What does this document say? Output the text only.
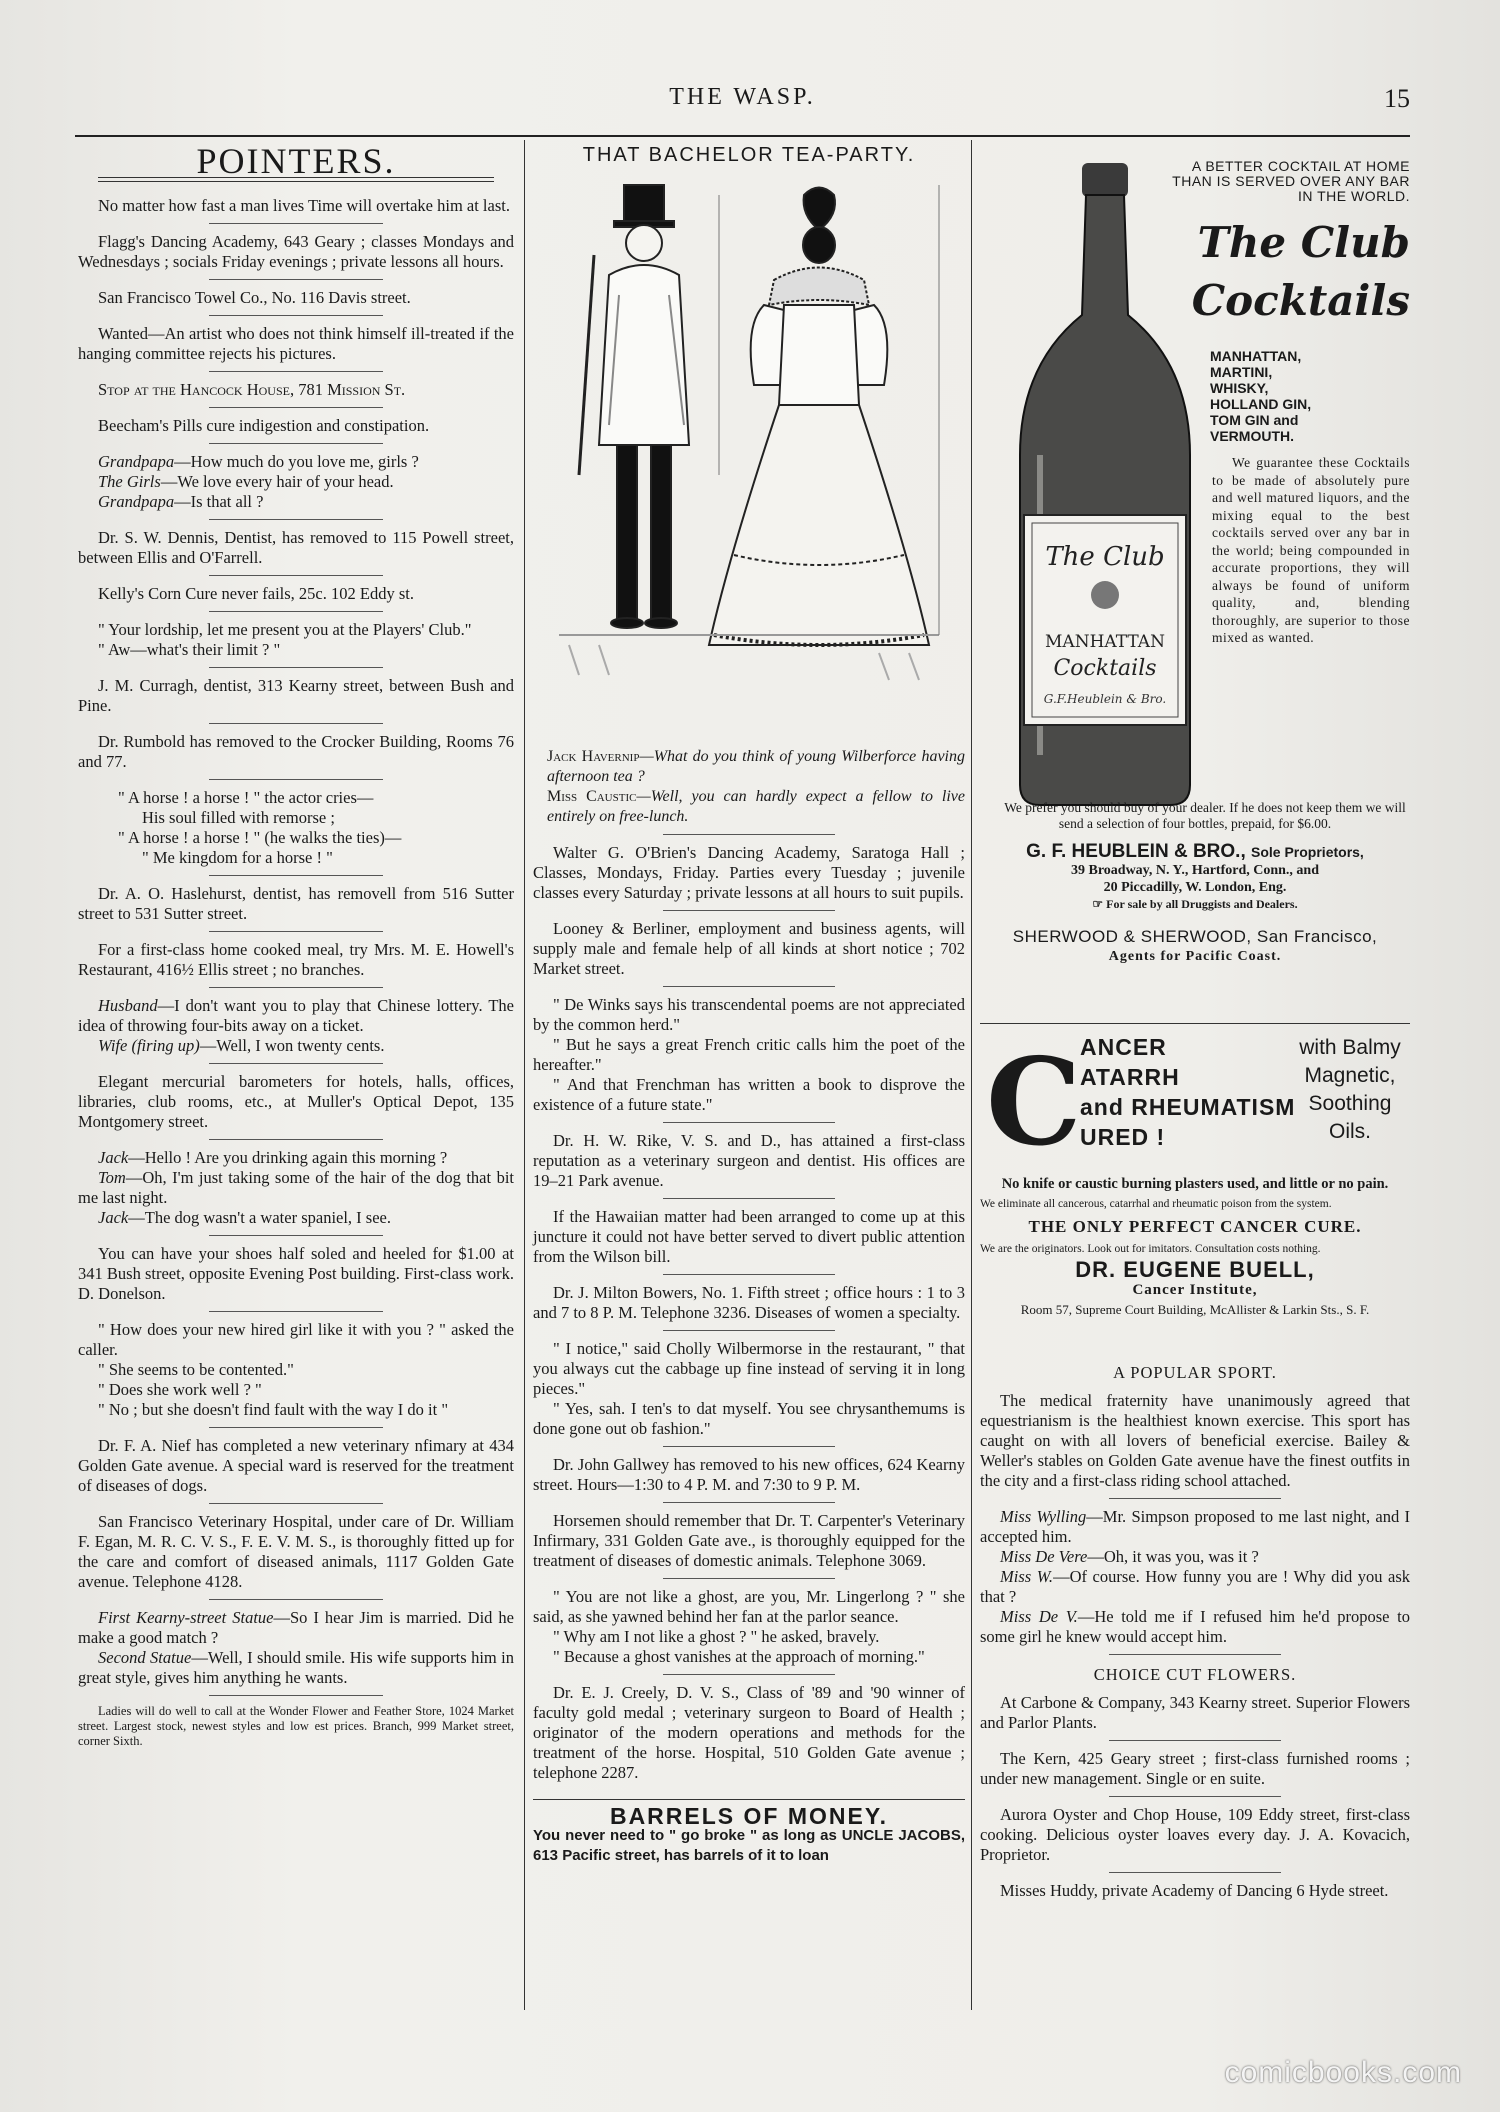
THE WASP.	15
POINTERS.

No matter how fast a man lives Time will overtake him at last.

Flagg's Dancing Academy, 643 Geary ; classes Mondays and Wednesdays ; socials Friday evenings ; private lessons all hours.

San Francisco Towel Co., No. 116 Davis street.

Wanted—An artist who does not think himself ill-treated if the hanging committee rejects his pictures.

Stop at the Hancock House, 781 Mission St.

Beecham's Pills cure indigestion and constipation.

Grandpapa—How much do you love me, girls ?

The Girls—We love every hair of your head.

Grandpapa—Is that all ?

Dr. S. W. Dennis, Dentist, has removed to 115 Powell street, between Ellis and O'Farrell.

Kelly's Corn Cure never fails, 25c. 102 Eddy st.

" Your lordship, let me present you at the Players' Club."

" Aw—what's their limit ? "

J. M. Curragh, dentist, 313 Kearny street, between Bush and Pine.

Dr. Rumbold has removed to the Crocker Building, Rooms 76 and 77.

" A horse ! a horse ! " the actor cries—
His soul filled with remorse ;
" A horse ! a horse ! " (he walks the ties)—
" Me kingdom for a horse ! "

Dr. A. O. Haslehurst, dentist, has removell from 516 Sutter street to 531 Sutter street.

For a first-class home cooked meal, try Mrs. M. E. Howell's Restaurant, 416½ Ellis street ; no branches.

Husband—I don't want you to play that Chinese lottery. The idea of throwing four-bits away on a ticket.

Wife (firing up)—Well, I won twenty cents.

Elegant mercurial barometers for hotels, halls, offices, libraries, club rooms, etc., at Muller's Optical Depot, 135 Montgomery street.

Jack—Hello ! Are you drinking again this morning ?

Tom—Oh, I'm just taking some of the hair of the dog that bit me last night.

Jack—The dog wasn't a water spaniel, I see.

You can have your shoes half soled and heeled for $1.00 at 341 Bush street, opposite Evening Post building. First-class work. D. Donelson.

" How does your new hired girl like it with you ? " asked the caller.

" She seems to be contented."

" Does she work well ? "

" No ; but she doesn't find fault with the way I do it "

Dr. F. A. Nief has completed a new veterinary nfimary at 434 Golden Gate avenue. A special ward is reserved for the treatment of diseases of dogs.

San Francisco Veterinary Hospital, under care of Dr. William F. Egan, M. R. C. V. S., F. E. V. M. S., is thoroughly fitted up for the care and comfort of diseased animals, 1117 Golden Gate avenue. Telephone 4128.

First Kearny-street Statue—So I hear Jim is married. Did he make a good match ?

Second Statue—Well, I should smile. His wife supports him in great style, gives him anything he wants.

Ladies will do well to call at the Wonder Flower and Feather Store, 1024 Market street. Largest stock, newest styles and low est prices. Branch, 999 Market street, corner Sixth.

THAT BACHELOR TEA-PARTY.

Jack Havernip—What do you think of young Wilberforce having afternoon tea ?

Miss Caustic—Well, you can hardly expect a fellow to live entirely on free-lunch.

Walter G. O'Brien's Dancing Academy, Saratoga Hall ; Classes, Mondays, Friday. Parties every Tuesday ; juvenile classes every Saturday ; private lessons at all hours to suit pupils.

Looney & Berliner, employment and business agents, will supply male and female help of all kinds at short notice ; 702 Market street.

" De Winks says his transcendental poems are not appreciated by the common herd."

" But he says a great French critic calls him the poet of the hereafter."

" And that Frenchman has written a book to disprove the existence of a future state."

Dr. H. W. Rike, V. S. and D., has attained a first-class reputation as a veterinary surgeon and dentist. His offices are 19–21 Park avenue.

If the Hawaiian matter had been arranged to come up at this juncture it could not have better served to divert public attention from the Wilson bill.

Dr. J. Milton Bowers, No. 1. Fifth street ; office hours : 1 to 3 and 7 to 8 P. M. Telephone 3236. Diseases of women a specialty.

" I notice," said Cholly Wilbermorse in the restaurant, " that you always cut the cabbage up fine instead of serving it in long pieces."

" Yes, sah. I ten's to dat myself. You see chrysanthemums is done gone out ob fashion."

Dr. John Gallwey has removed to his new offices, 624 Kearny street. Hours—1:30 to 4 P. M. and 7:30 to 9 P. M.

Horsemen should remember that Dr. T. Carpenter's Veterinary Infirmary, 331 Golden Gate ave., is thoroughly equipped for the treatment of diseases of domestic animals. Telephone 3069.

" You are not like a ghost, are you, Mr. Lingerlong ? " she said, as she yawned behind her fan at the parlor seance.

" Why am I not like a ghost ? " he asked, bravely.

" Because a ghost vanishes at the approach of morning."

Dr. E. J. Creely, D. V. S., Class of '89 and '90 winner of faculty gold medal ; veterinary surgeon to Board of Health ; originator of the modern operations and methods for the treatment of the horse. Hospital, 510 Golden Gate avenue ; telephone 2287.

BARRELS OF MONEY.

You never need to " go broke " as long as UNCLE JACOBS, 613 Pacific street, has barrels of it to loan

The Club
MANHATTAN
Cocktails
G.F.Heublein & Bro.
A BETTER COCKTAIL AT HOME THAN IS SERVED OVER ANY BAR IN THE WORLD.
The Club
Cocktails
MANHATTAN,
MARTINI,
WHISKY,
HOLLAND GIN,
TOM GIN and
VERMOUTH.

We guarantee these Cocktails to be made of absolutely pure and well matured liquors, and the mixing equal to the best cocktails served over any bar in the world; being compounded in accurate proportions, they will always be found of uniform quality, and, blending thoroughly, are superior to those mixed as wanted.

We prefer you should buy of your dealer. If he does not keep them we will send a selection of four bottles, prepaid, for $6.00.

G. F. HEUBLEIN & BRO., Sole Proprietors,
39 Broadway, N. Y., Hartford, Conn., and
20 Piccadilly, W. London, Eng.
☞ For sale by all Druggists and Dealers.
SHERWOOD & SHERWOOD, San Francisco,
Agents for Pacific Coast.
C
ANCER
ATARRH
and RHEUMATISM
URED !
with Balmy
Magnetic,
Soothing Oils.
No knife or caustic burning plasters used, and little or no pain.
We eliminate all cancerous, catarrhal and rheumatic poison from the system.
THE ONLY PERFECT CANCER CURE.
We are the originators. Look out for imitators. Consultation costs nothing.
DR. EUGENE BUELL,
Cancer Institute,
Room 57, Supreme Court Building, McAllister & Larkin Sts., S. F.
A POPULAR SPORT.

The medical fraternity have unanimously agreed that equestrianism is the healthiest known exercise. This sport has caught on with all lovers of beneficial exercise. Bailey & Weller's stables on Golden Gate avenue have the finest outfits in the city and a first-class riding school attached.

Miss Wylling—Mr. Simpson proposed to me last night, and I accepted him.

Miss De Vere—Oh, it was you, was it ?

Miss W.—Of course. How funny you are ! Why did you ask that ?

Miss De V.—He told me if I refused him he'd propose to some girl he knew would accept him.

CHOICE CUT FLOWERS.

At Carbone & Company, 343 Kearny street. Superior Flowers and Parlor Plants.

The Kern, 425 Geary street ; first-class furnished rooms ; under new management. Single or en suite.

Aurora Oyster and Chop House, 109 Eddy street, first-class cooking. Delicious oyster loaves every day. J. A. Kovacich, Proprietor.

Misses Huddy, private Academy of Dancing 6 Hyde street.

comicbooks.com
